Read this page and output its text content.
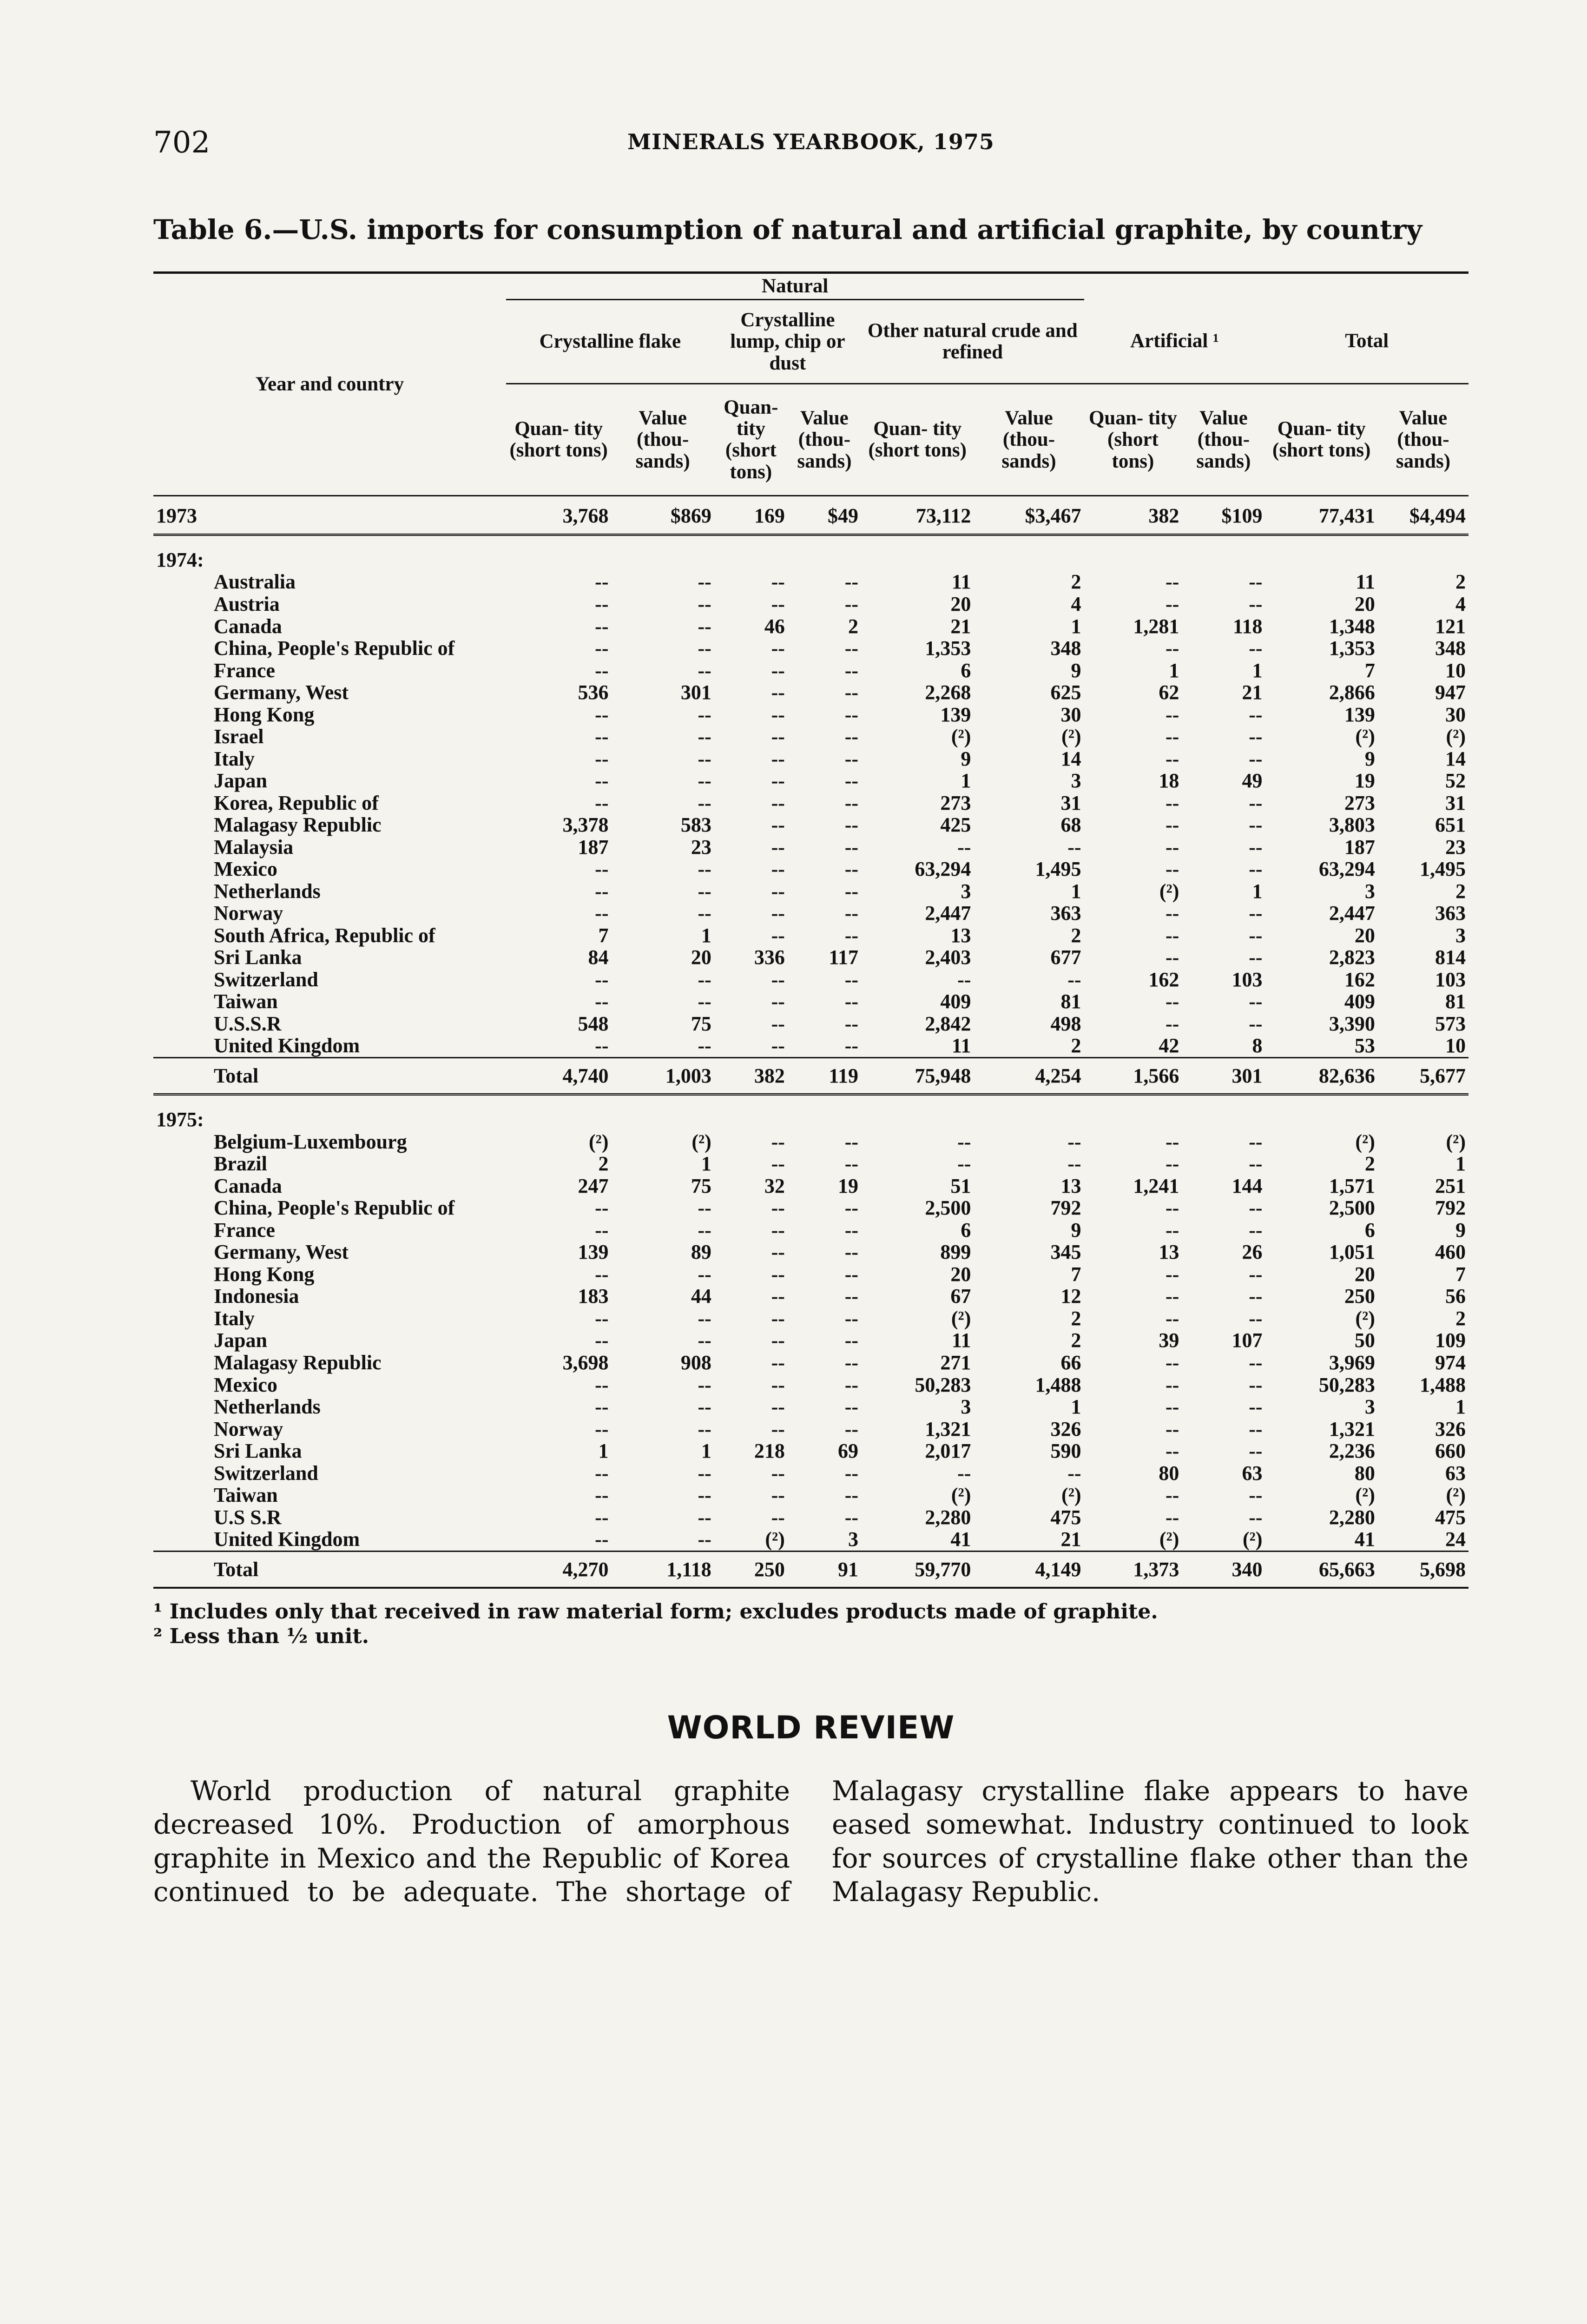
702	MINERALS YEARBOOK, 1975
Table 6.—U.S. imports for consumption of natural and artificial graphite, by country
Year and country	Natural									
	Crystalline flake		Crystalline lump, chip or dust		Other natural crude and refined		Artificial ¹		Total	
	Quan- tity (short tons)	Value (thou- sands)	Quan- tity (short tons)	Value (thou- sands)	Quan- tity (short tons)	Value (thou- sands)	Quan- tity (short tons)	Value (thou- sands)	Quan- tity (short tons)	Value (thou- sands)
1973	3,768	$869	169	$49	73,112	$3,467	382	$109	77,431	$4,494
1974:										
Australia	--	--	--	--	11	2	--	--	11	2
Austria	--	--	--	--	20	4	--	--	20	4
Canada	--	--	46	2	21	1	1,281	118	1,348	121
China, People's Republic of	--	--	--	--	1,353	348	--	--	1,353	348
France	--	--	--	--	6	9	1	1	7	10
Germany, West	536	301	--	--	2,268	625	62	21	2,866	947
Hong Kong	--	--	--	--	139	30	--	--	139	30
Israel	--	--	--	--	(²)	(²)	--	--	(²)	(²)
Italy	--	--	--	--	9	14	--	--	9	14
Japan	--	--	--	--	1	3	18	49	19	52
Korea, Republic of	--	--	--	--	273	31	--	--	273	31
Malagasy Republic	3,378	583	--	--	425	68	--	--	3,803	651
Malaysia	187	23	--	--	--	--	--	--	187	23
Mexico	--	--	--	--	63,294	1,495	--	--	63,294	1,495
Netherlands	--	--	--	--	3	1	(²)	1	3	2
Norway	--	--	--	--	2,447	363	--	--	2,447	363
South Africa, Republic of	7	1	--	--	13	2	--	--	20	3
Sri Lanka	84	20	336	117	2,403	677	--	--	2,823	814
Switzerland	--	--	--	--	--	--	162	103	162	103
Taiwan	--	--	--	--	409	81	--	--	409	81
U.S.S.R	548	75	--	--	2,842	498	--	--	3,390	573
United Kingdom	--	--	--	--	11	2	42	8	53	10
Total	4,740	1,003	382	119	75,948	4,254	1,566	301	82,636	5,677
1975:										
Belgium-Luxembourg	(²)	(²)	--	--	--	--	--	--	(²)	(²)
Brazil	2	1	--	--	--	--	--	--	2	1
Canada	247	75	32	19	51	13	1,241	144	1,571	251
China, People's Republic of	--	--	--	--	2,500	792	--	--	2,500	792
France	--	--	--	--	6	9	--	--	6	9
Germany, West	139	89	--	--	899	345	13	26	1,051	460
Hong Kong	--	--	--	--	20	7	--	--	20	7
Indonesia	183	44	--	--	67	12	--	--	250	56
Italy	--	--	--	--	(²)	2	--	--	(²)	2
Japan	--	--	--	--	11	2	39	107	50	109
Malagasy Republic	3,698	908	--	--	271	66	--	--	3,969	974
Mexico	--	--	--	--	50,283	1,488	--	--	50,283	1,488
Netherlands	--	--	--	--	3	1	--	--	3	1
Norway	--	--	--	--	1,321	326	--	--	1,321	326
Sri Lanka	1	1	218	69	2,017	590	--	--	2,236	660
Switzerland	--	--	--	--	--	--	80	63	80	63
Taiwan	--	--	--	--	(²)	(²)	--	--	(²)	(²)
U.S S.R	--	--	--	--	2,280	475	--	--	2,280	475
United Kingdom	--	--	(²)	3	41	21	(²)	(²)	41	24
Total	4,270	1,118	250	91	59,770	4,149	1,373	340	65,663	5,698
¹ Includes only that received in raw material form; excludes products made of graphite.
² Less than ½ unit.
WORLD REVIEW

World production of natural graphite decreased 10%. Production of amorphous graphite in Mexico and the Republic of Korea continued to be adequate. The shortage of Malagasy crystalline flake appears to have eased somewhat. Industry continued to look for sources of crystalline flake other than the Malagasy Republic.
